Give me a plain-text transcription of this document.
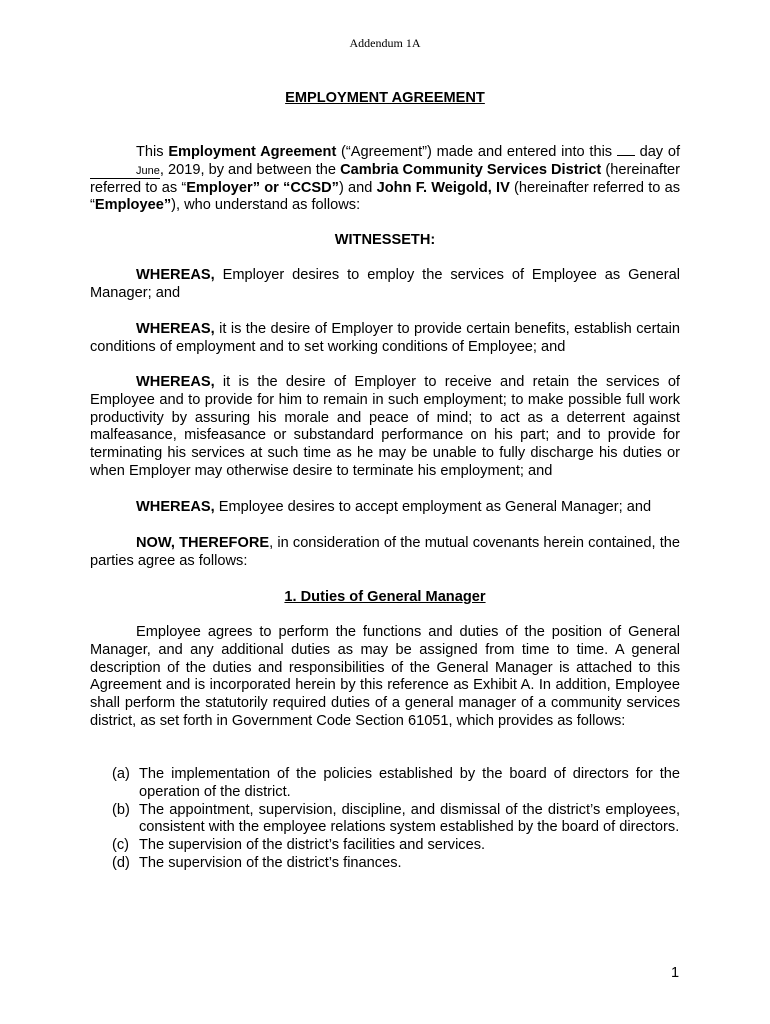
Addendum 1A
EMPLOYMENT AGREEMENT

This Employment Agreement (“Agreement”) made and entered into this  day of June, 2019, by and between the Cambria Community Services District (hereinafter referred to as “Employer” or “CCSD”) and John F. Weigold, IV (hereinafter referred to as “Employee”), who understand as follows:

WITNESSETH:

WHEREAS, Employer desires to employ the services of Employee as General Manager; and

WHEREAS, it is the desire of Employer to provide certain benefits, establish certain conditions of employment and to set working conditions of Employee; and

WHEREAS, it is the desire of Employer to receive and retain the services of Employee and to provide for him to remain in such employment; to make possible full work productivity by assuring his morale and peace of mind; to act as a deterrent against malfeasance, misfeasance or substandard performance on his part; and to provide for terminating his services at such time as he may be unable to fully discharge his duties or when Employer may otherwise desire to terminate his employment; and

WHEREAS, Employee desires to accept employment as General Manager; and

NOW, THEREFORE, in consideration of the mutual covenants herein contained, the parties agree as follows:

1. Duties of General Manager

Employee agrees to perform the functions and duties of the position of General Manager, and any additional duties as may be assigned from time to time. A general description of the duties and responsibilities of the General Manager is attached to this Agreement and is incorporated herein by this reference as Exhibit A. In addition, Employee shall perform the statutorily required duties of a general manager of a community services district, as set forth in Government Code Section 61051, which provides as follows:

(a) The implementation of the policies established by the board of directors for the operation of the district.
(b) The appointment, supervision, discipline, and dismissal of the district’s employees, consistent with the employee relations system established by the board of directors.
(c) The supervision of the district’s facilities and services.
(d) The supervision of the district’s finances.
1
